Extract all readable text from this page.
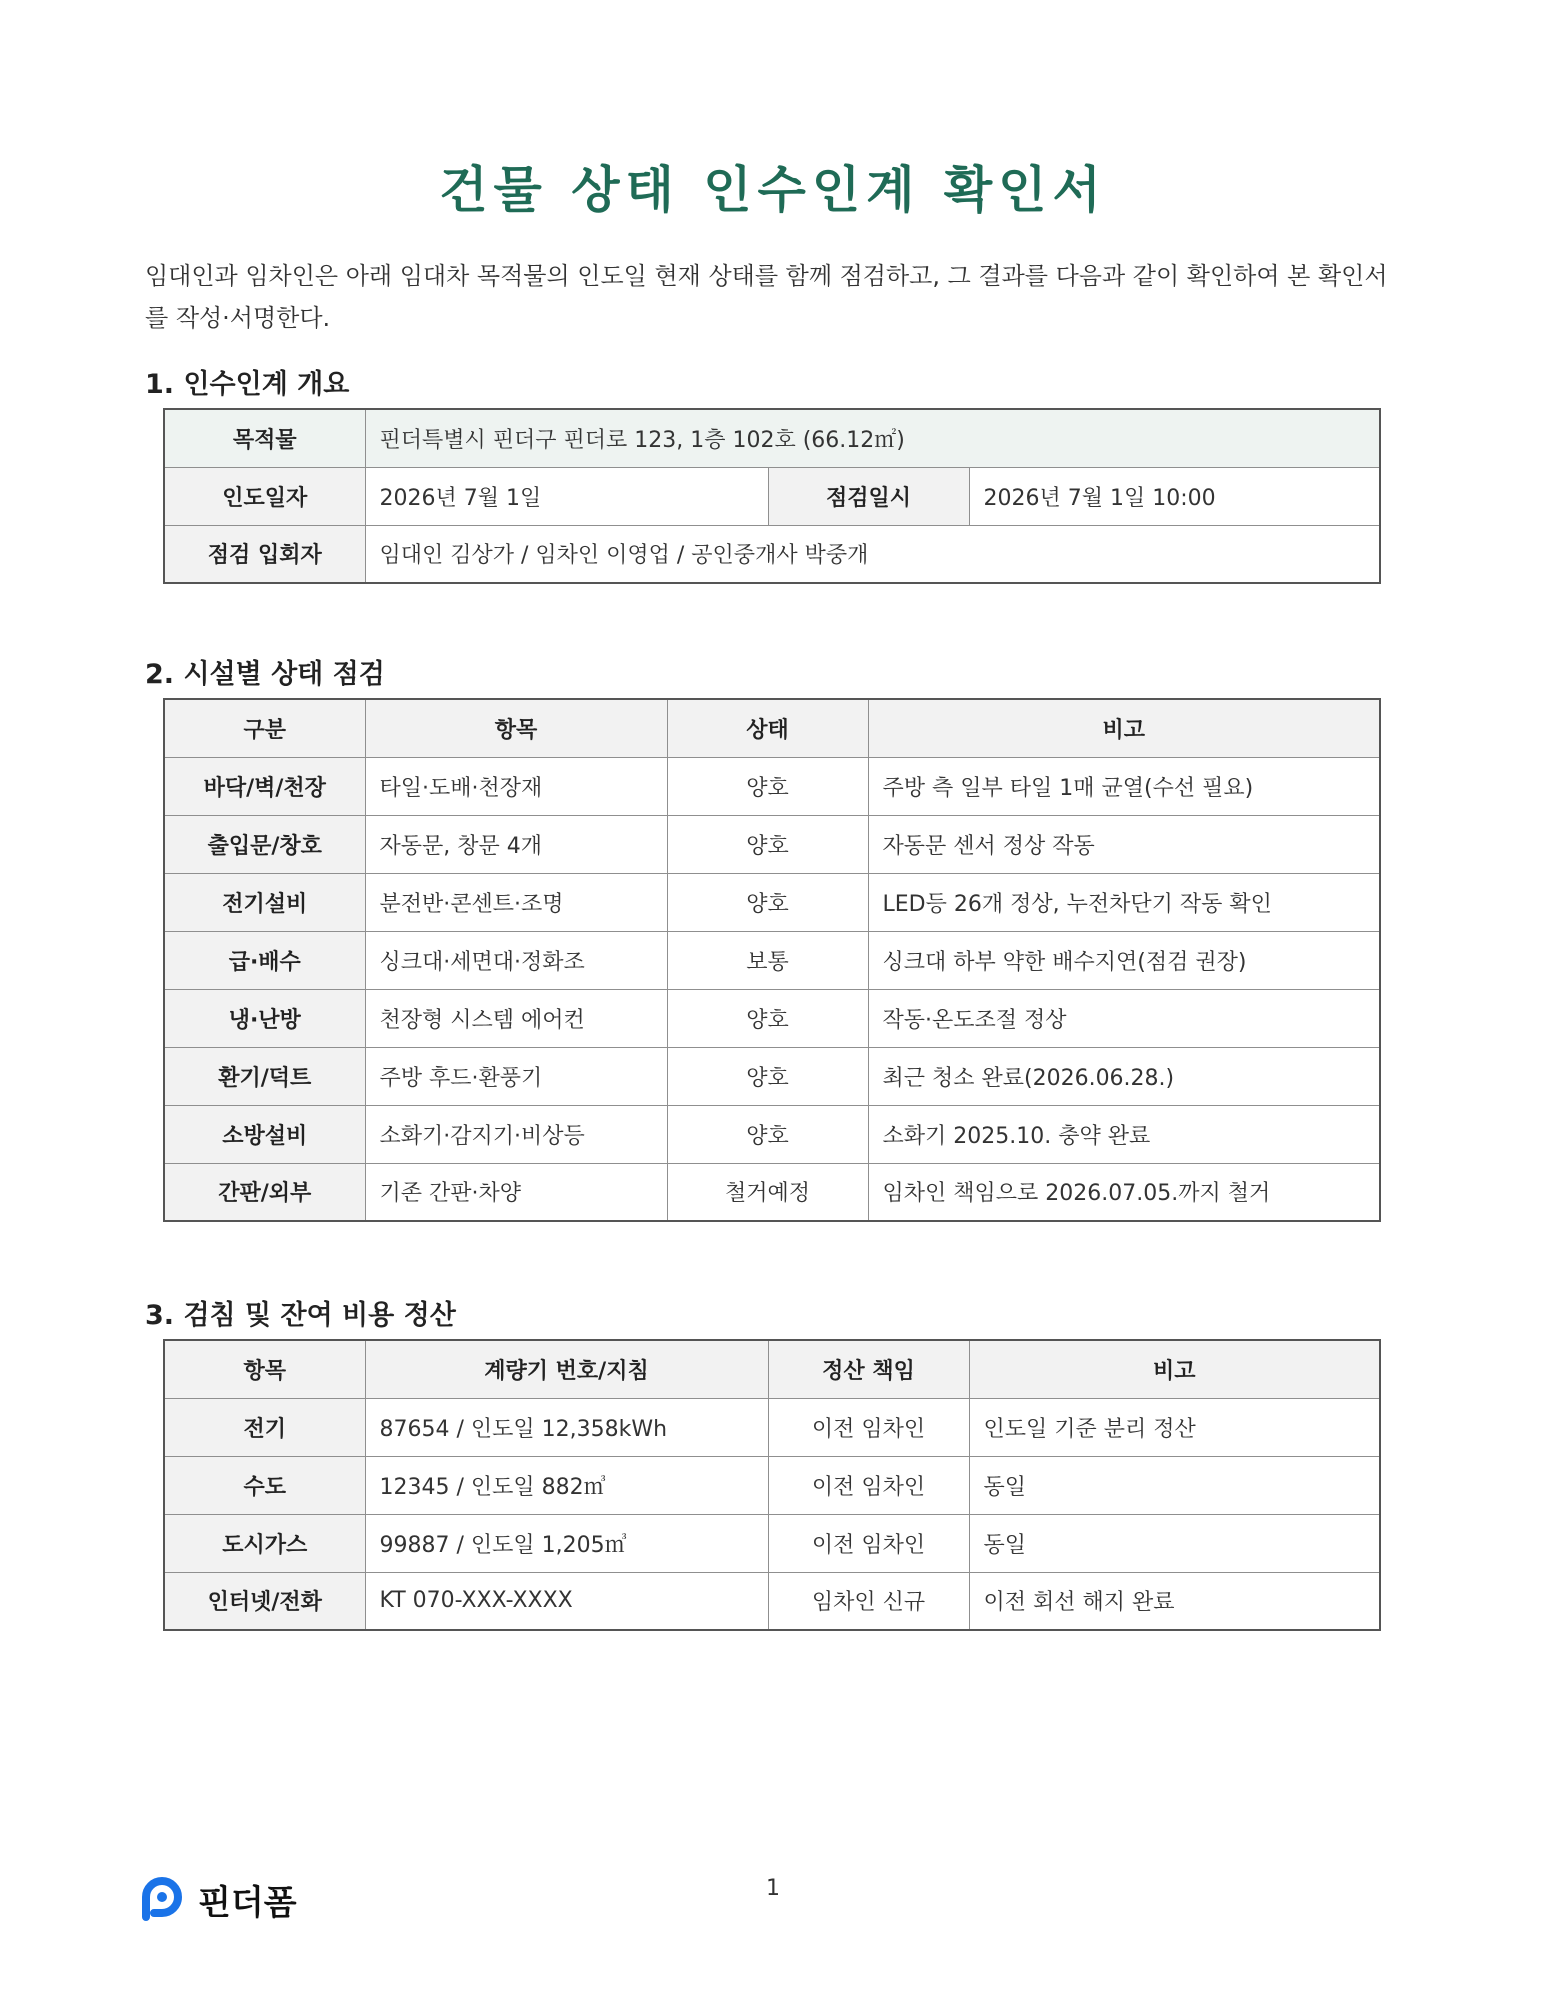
건물 상태 인수인계 확인서
임대인과 임차인은 아래 임대차 목적물의 인도일 현재 상태를 함께 점검하고, 그 결과를 다음과 같이 확인하여 본 확인서를 작성·서명한다.
1. 인수인계 개요
목적물	핀더특별시 핀더구 핀더로 123, 1층 102호 (66.12㎡)		
인도일자	2026년 7월 1일	점검일시	2026년 7월 1일 10:00
점검 입회자	임대인 김상가 / 임차인 이영업 / 공인중개사 박중개		
2. 시설별 상태 점검
구분	항목	상태	비고
바닥/벽/천장	타일·도배·천장재	양호	주방 측 일부 타일 1매 균열(수선 필요)
출입문/창호	자동문, 창문 4개	양호	자동문 센서 정상 작동
전기설비	분전반·콘센트·조명	양호	LED등 26개 정상, 누전차단기 작동 확인
급·배수	싱크대·세면대·정화조	보통	싱크대 하부 약한 배수지연(점검 권장)
냉·난방	천장형 시스템 에어컨	양호	작동·온도조절 정상
환기/덕트	주방 후드·환풍기	양호	최근 청소 완료(2026.06.28.)
소방설비	소화기·감지기·비상등	양호	소화기 2025.10. 충약 완료
간판/외부	기존 간판·차양	철거예정	임차인 책임으로 2026.07.05.까지 철거
3. 검침 및 잔여 비용 정산
항목	계량기 번호/지침	정산 책임	비고
전기	87654 / 인도일 12,358kWh	이전 임차인	인도일 기준 분리 정산
수도	12345 / 인도일 882㎥	이전 임차인	동일
도시가스	99887 / 인도일 1,205㎥	이전 임차인	동일
인터넷/전화	KT 070-XXX-XXXX	임차인 신규	이전 회선 해지 완료
핀더폼	1
